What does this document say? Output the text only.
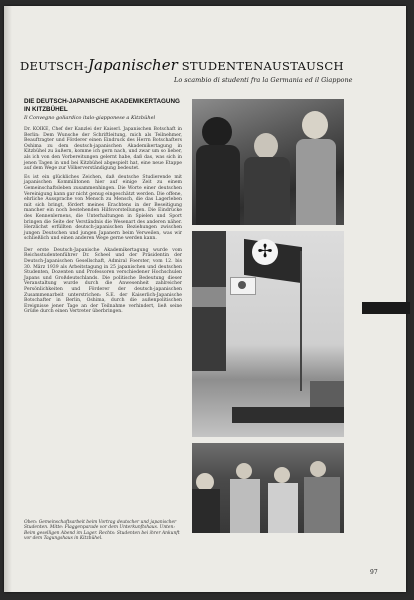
DEUTSCH-Japanischer STUDENTENAUSTAUSCH
Lo scambio di studenti fra la Germania ed il Giappone
DIE DEUTSCH-JAPANISCHE AKADEMIKERTAGUNG
IN KITZBÜHEL
Il Convegno goliardico italo-giapponese a Kitzbühel
Dr. KOIKE, Chef der Kanzlei der Kaiserl. Japanischen Botschaft in Berlin: Dem Wunsche der Schriftleitung, mich als Teilnehmer, Beauftragter und Förderer einen Eindruck des Herrn Botschafters Oshima zu dem deutsch-japanischen Akademikertagung in Kitzbühel zu äußern, komme ich gern nach, und zwar um so lieber, als ich von den Vorbereitungen gelernt habe, daß das, was sich in jenen Tagen in und bei Kitzbühel abgespielt hat, eine neue Etappe auf dem Wege zur Völkerverständigung bedeutet.
Es ist ein glückliches Zeichen, daß deutsche Studierende mit japanischen Kommilitonen hier auf einige Zeit zu einem Gemeinschaftsleben zusammenhingen. Die Worte einer deutschen Vereinigung kann gar nicht genug eingeschätzt werden. Die offene, ehrliche Aussprache von Mensch zu Mensch, die das Lagerleben mit sich bringt, fördert meines Erachtens in der Beseitigung mancher ein noch bestehenden Hilfsvorstellungen. Die Eindrücke des Kennenlernens, die Unterhaltungen in Spielen und Sport bringen die Seite der Verständnis die Wesenart des anderen näher. Herzlichst erfüllten deutsch-japanischen Beziehungen zwischen jungen Deutschen und jungen Japanern beim Verweilen, was wir schließlich und einen anderen Wege gerne werden kann.
Der erste Deutsch-Japanische Akademikertagung wurde vom Reichsstudentenführer Dr. Scheel und der Präsidentin der Deutsch-Japanischen Gesellschaft, Admiral Foerster, vom 12. bis 30. März 1939 als Arbeitstagung in 25 japanischen und deutschen Studenten, Dozenten und Professoren verschiedener Hochschulen Japans und Großdeutschlands. Die politische Bedeutung dieser Veranstaltung wurde durch die Anwesenheit zahlreicher Persönlichkeiten und Förderer der deutsch-japanischen Zusammenarbeit unterstrichen: S.E. der Kaiserlich-Japanische Botschafter in Berlin, Oshima, durch die außenpolitischen Ereignisse jener Tage an der Teilnahme verhindert, ließ seine Grüße durch einen Vertreter überbringen.
Oben: Gemeinschaftsarbeit beim Vortrag deutscher und japanischer Studenten. Mitte: Flaggenparade vor dem Unterkunftshaus. Unten: Beim geselligen Abend im Lager. Rechts: Studenten bei ihrer Ankunft vor dem Tagungshaus in Kitzbühel.
✢
97
